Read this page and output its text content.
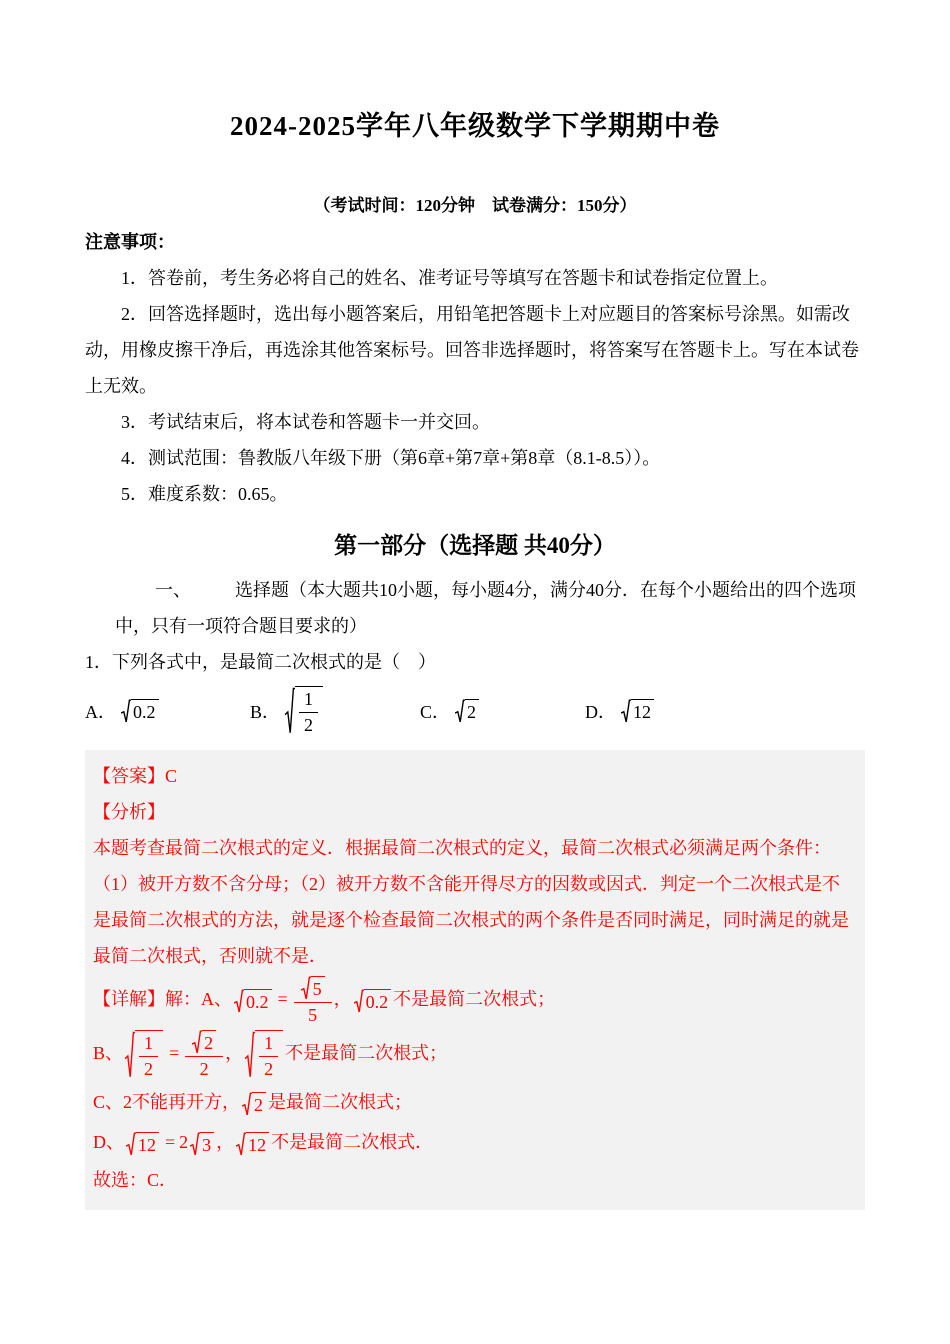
2024-2025学年八年级数学下学期期中卷

（考试时间：120分钟　试卷满分：150分）

注意事项：

1．答卷前，考生务必将自己的姓名、准考证号等填写在答题卡和试卷指定位置上。

2．回答选择题时，选出每小题答案后，用铅笔把答题卡上对应题目的答案标号涂黑。如需改动，用橡皮擦干净后，再选涂其他答案标号。回答非选择题时，将答案写在答题卡上。写在本试卷上无效。

3．考试结束后，将本试卷和答题卡一并交回。

4．测试范围：鲁教版八年级下册（第6章+第7章+第8章（8.1-8.5））。

5．难度系数：0.65。

第一部分（选择题 共40分）

一、 选择题（本大题共10小题，每小题4分，满分40分．在每个小题给出的四个选项中，只有一项符合题目要求的）

1．下列各式中，是最简二次根式的是（　）

A． 0.2	B． $\frac{1}{2}$	C． 2	D． 12

【答案】C

【分析】

本题考查最简二次根式的定义．根据最简二次根式的定义，最简二次根式必须满足两个条件：

（1）被开方数不含分母；（2）被开方数不含能开得尽方的因数或因式．判定一个二次根式是不是最简二次根式的方法，就是逐个检查最简二次根式的两个条件是否同时满足，同时满足的就是最简二次根式，否则就不是．

【详解】解：A、 $0.2 = \frac{5}{5}$ ， 0.2 不是最简二次根式；

B、 $\frac{1}{2} = \frac{2}{2}$ ， $\frac{1}{2}$ 不是最简二次根式；

C、2不能再开方， 2 是最简二次根式；

D、 12 = 2 3 ， 12 不是最简二次根式．

故选：C．
